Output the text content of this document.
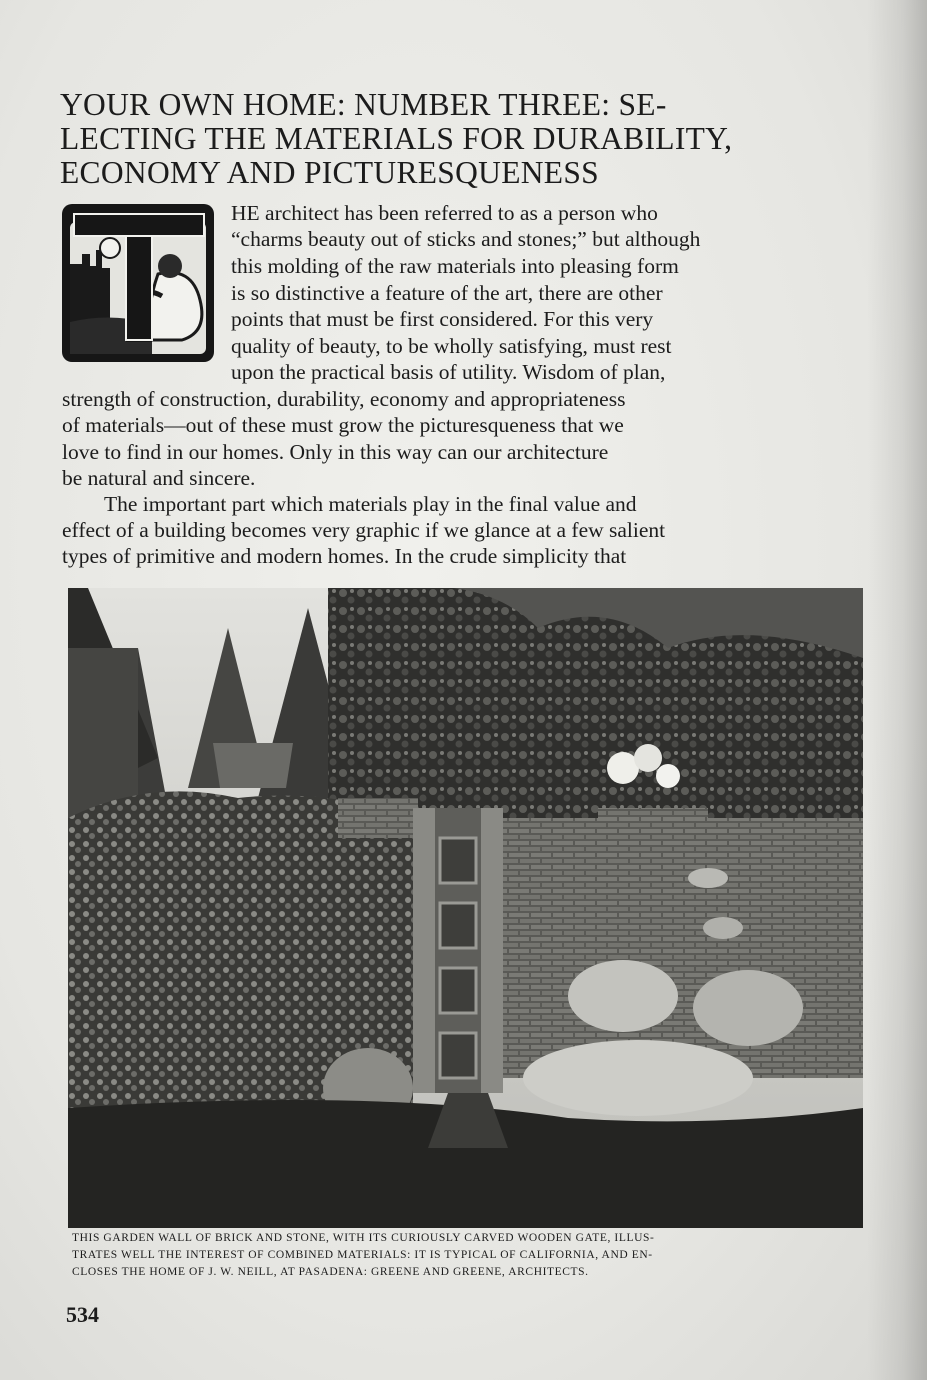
YOUR OWN HOME: NUMBER THREE: SE-
LECTING THE MATERIALS FOR DURABILITY,
ECONOMY AND PICTURESQUENESS
HE architect has been referred to as a person who
“charms beauty out of sticks and stones;” but although
this molding of the raw materials into pleasing form
is so distinctive a feature of the art, there are other
points that must be first considered. For this very
quality of beauty, to be wholly satisfying, must rest
upon the practical basis of utility. Wisdom of plan,
strength of construction, durability, economy and appropriateness
of materials—out of these must grow the picturesqueness that we
love to find in our homes. Only in this way can our architecture
be natural and sincere.
The important part which materials play in the final value and
effect of a building becomes very graphic if we glance at a few salient
types of primitive and modern homes. In the crude simplicity that
THIS GARDEN WALL OF BRICK AND STONE, WITH ITS CURIOUSLY CARVED WOODEN GATE, ILLUS-
TRATES WELL THE INTEREST OF COMBINED MATERIALS: IT IS TYPICAL OF CALIFORNIA, AND EN-
CLOSES THE HOME OF J. W. NEILL, AT PASADENA: GREENE AND GREENE, ARCHITECTS.
534
